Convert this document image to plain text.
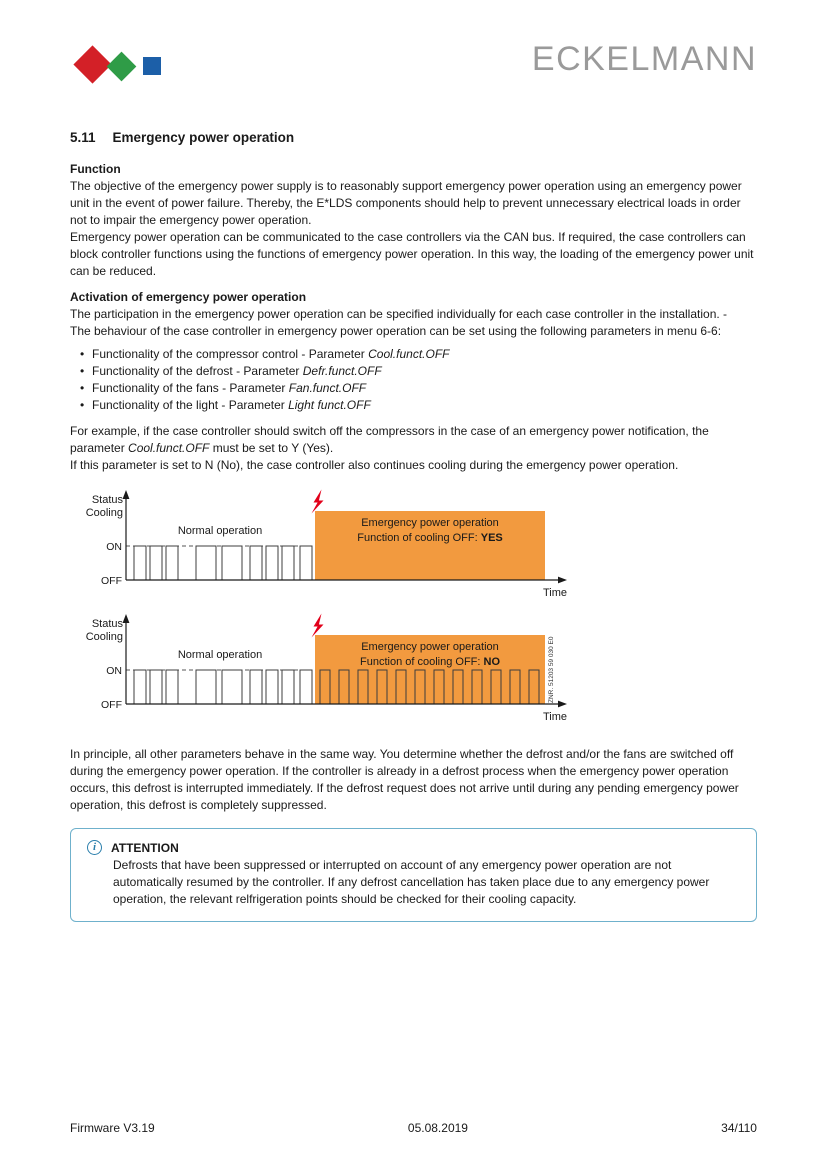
ECKELMANN
5.11 Emergency power operation
Function

The objective of the emergency power supply is to reasonably support emergency power operation using an emergency power unit in the event of power failure. Thereby, the E*LDS components should help to prevent unnecessary electrical loads in order not to impair the emergency power operation.

Emergency power operation can be communicated to the case controllers via the CAN bus. If required, the case controllers can block controller functions using the functions of emergency power operation. In this way, the loading of the emergency power unit can be reduced.

Activation of emergency power operation

The participation in the emergency power operation can be specified individually for each case controller in the installation. -

The behaviour of the case controller in emergency power operation can be set using the following parameters in menu 6-6:

• Functionality of the compressor control - Parameter Cool.funct.OFF
• Functionality of the defrost - Parameter Defr.funct.OFF
• Functionality of the fans - Parameter Fan.funct.OFF
• Functionality of the light - Parameter Light funct.OFF

For example, if the case controller should switch off the compressors in the case of an emergency power notification, the parameter Cool.funct.OFF must be set to Y (Yes).

If this parameter is set to N (No), the case controller also continues cooling during the emergency power operation.

Status
Cooling
ON
OFF
Normal operation
Emergency power operation
Function of cooling OFF: YES
Time
Status
Cooling
ON
OFF
Normal operation
Emergency power operation
Function of cooling OFF: NO
Time
ZNR. 51203 59 030 E0

In principle, all other parameters behave in the same way. You determine whether the defrost and/or the fans are switched off during the emergency power operation. If the controller is already in a defrost process when the emergency power operation occurs, this defrost is interrupted immediately. If the defrost request does not arrive until during any pending emergency power operation, this defrost is completely suppressed.

i	ATTENTION

Defrosts that have been suppressed or interrupted on account of any emergency power operation are not automatically resumed by the controller. If any defrost cancellation has taken place due to any emergency power operation, the relevant relfrigeration points should be checked for their cooling capacity.

Firmware V3.19	05.08.2019	34/110
